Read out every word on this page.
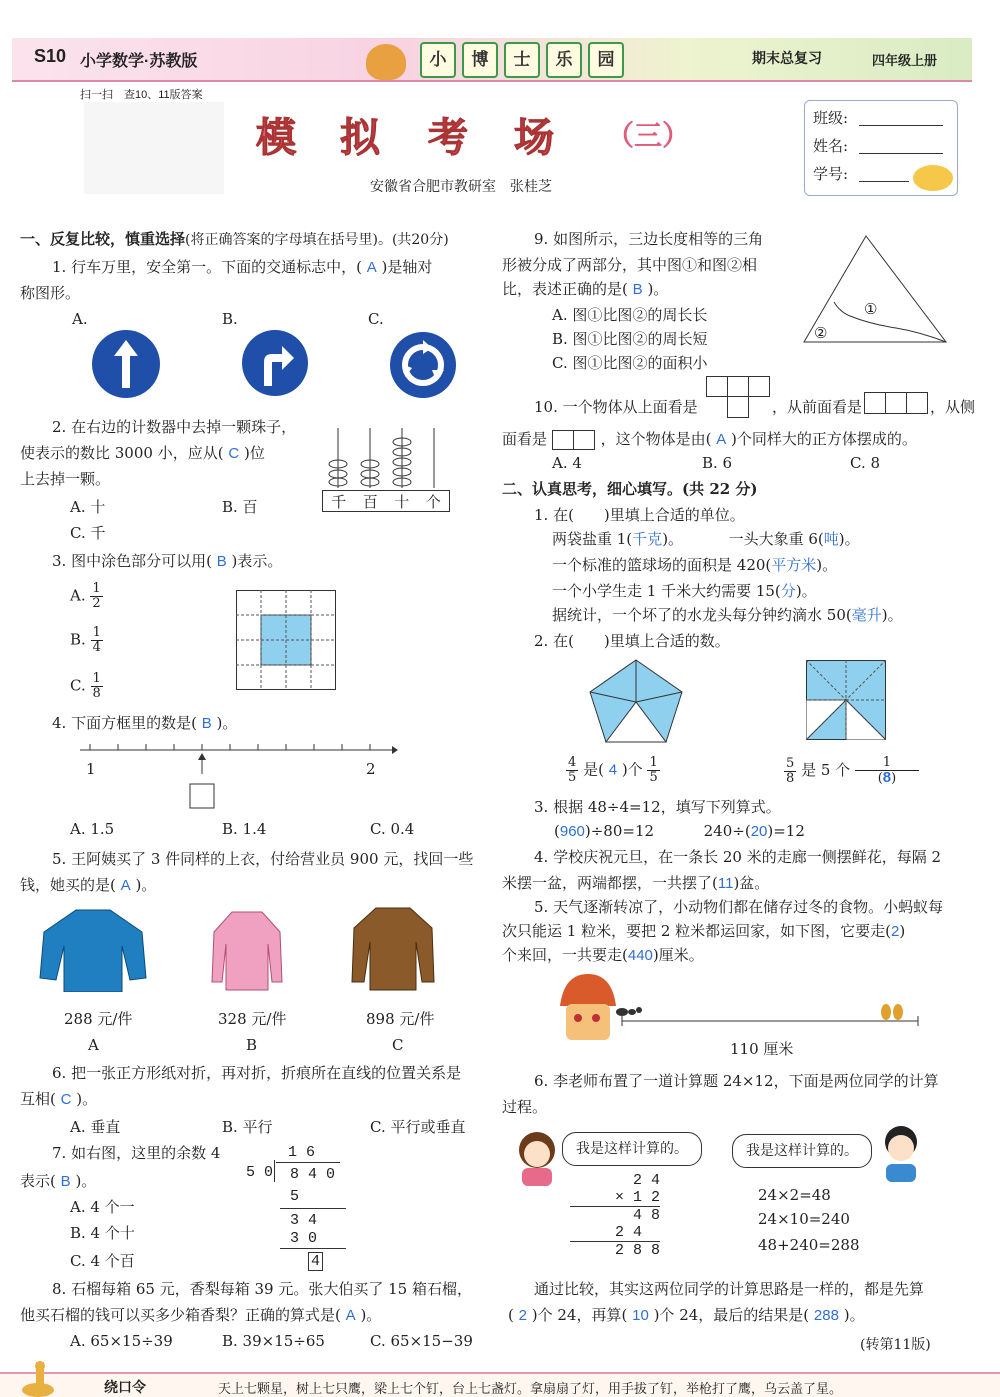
S10 小学数学·苏教版	小	博	士	乐	园	期末总复习	四年级上册
扫一扫　查10、11版答案
模 拟 考 场 （三）
安徽省合肥市教研室　张桂芝
班级:
姓名:
学号:
一、反复比较，慎重选择(将正确答案的字母填在括号里)。(共20分)
1. 行车万里，安全第一。下面的交通标志中，( A )是轴对
称图形。
A.	B.	C.
2. 在右边的计数器中去掉一颗珠子，
使表示的数比 3000 小，应从( C )位
上去掉一颗。
A. 十	B. 百
C. 千
千	百	十	个
3. 图中涂色部分可以用( B )表示。
A. $\frac{1}{2}$
B. $\frac{1}{4}$
C. $\frac{1}{8}$
4. 下面方框里的数是( B )。
1	2
A. 1.5	B. 1.4	C. 0.4
5. 王阿姨买了 3 件同样的上衣，付给营业员 900 元，找回一些
钱，她买的是( A )。
288 元/件	328 元/件	898 元/件
A	B	C
6. 把一张正方形纸对折，再对折，折痕所在直线的位置关系是
互相( C )。
A. 垂直	B. 平行	C. 平行或垂直
7. 如右图，这里的余数 4
表示( B )。
A. 4 个一
B. 4 个十
C. 4 个百
1 6
5 0 8 4 0
5
3 4
3 0
4
8. 石榴每箱 65 元，香梨每箱 39 元。张大伯买了 15 箱石榴，
他买石榴的钱可以买多少箱香梨？正确的算式是( A )。
A. 65×15÷39	B. 39×15÷65	C. 65×15−39
9. 如图所示，三边长度相等的三角
形被分成了两部分，其中图①和图②相
比，表述正确的是( B )。
A. 图①比图②的周长长
B. 图①比图②的周长短
C. 图①比图②的面积小
①
②
10. 一个物体从上面看是	，从前面看是	，从侧
面看是	，这个物体是由( A )个同样大的正方体摆成的。
A. 4	B. 6	C. 8
二、认真思考，细心填写。(共 22 分)
1. 在(　　)里填上合适的单位。
两袋盐重 1(千克)。	一头大象重 6(吨)。
一个标准的篮球场的面积是 420(平方米)。
一个小学生走 1 千米大约需要 15(分)。
据统计，一个坏了的水龙头每分钟约滴水 50(毫升)。
2. 在(　　)里填上合适的数。
$\frac{4}{5}$ 是( 4 )个 $\frac{1}{5}$	$\frac{5}{8}$ 是 5 个 $\frac{1}{(8)}$
3. 根据 48÷4=12，填写下列算式。
(960)÷80=12	240÷(20)=12
4. 学校庆祝元旦，在一条长 20 米的走廊一侧摆鲜花，每隔 2
米摆一盆，两端都摆，一共摆了(11)盆。
5. 天气逐渐转凉了，小动物们都在储存过冬的食物。小蚂蚁每
次只能运 1 粒米，要把 2 粒米都运回家，如下图，它要走(2)
个来回，一共要走(440)厘米。
110 厘米
6. 李老师布置了一道计算题 24×12，下面是两位同学的计算
过程。
我是这样计算的。	我是这样计算的。
2 4
× 1 2
4 8
2 4
2 8 8
24×2=48
24×10=240
48+240=288
通过比较，其实这两位同学的计算思路是一样的，都是先算
( 2 )个 24，再算( 10 )个 24，最后的结果是( 288 )。
(转第11版)
绕口令	天上七颗星，树上七只鹰，梁上七个钉，台上七盏灯。拿扇扇了灯，用手拔了钉，举枪打了鹰，乌云盖了星。
